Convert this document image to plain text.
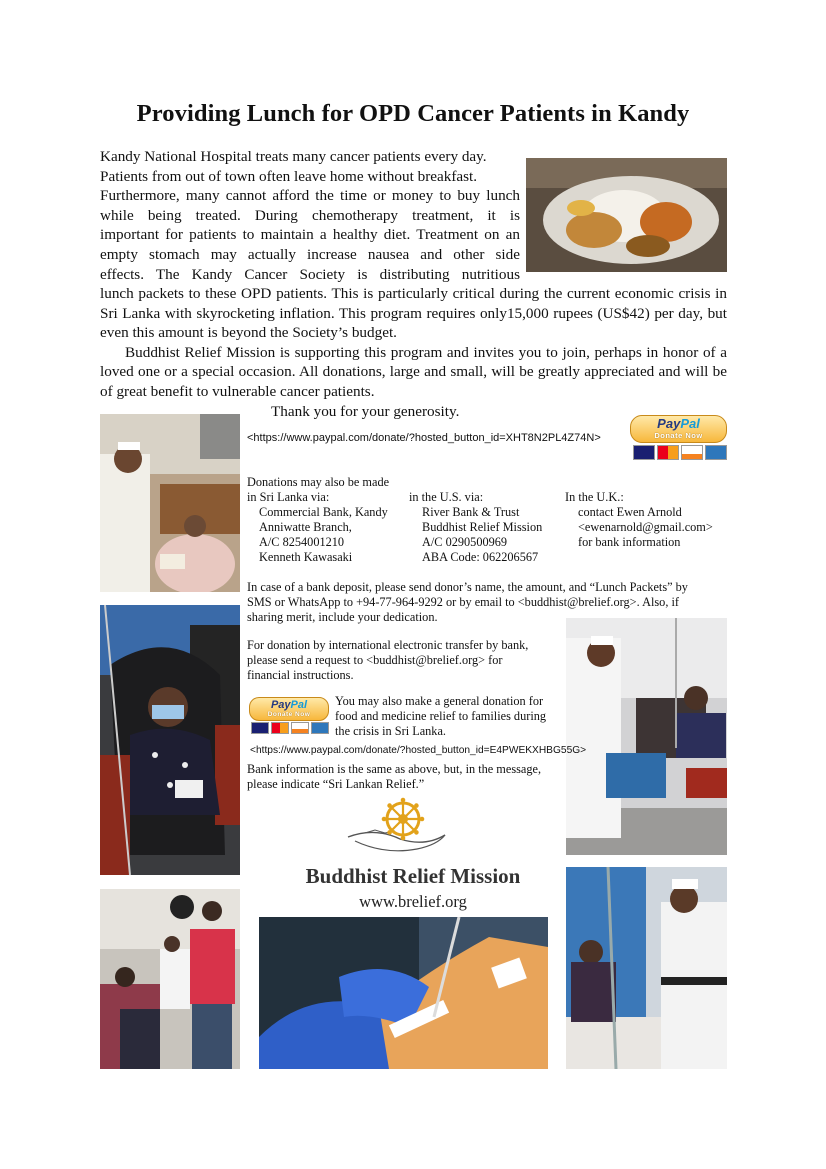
Providing Lunch for OPD Cancer Patients in Kandy

Kandy National Hospital treats many cancer patients every day.

Patients from out of town often leave home without breakfast.

Furthermore, many cannot afford the time or money to buy lunch

while being treated. During chemotherapy treatment, it is

important for patients to maintain a healthy diet. Treatment on an

empty stomach may actually increase nausea and other side

effects. The Kandy Cancer Society is distributing nutritious

lunch packets to these OPD patients. This is particularly critical during the current economic crisis in Sri Lanka with skyrocketing inflation. This program requires only15,000 rupees (US$42) per day, but even this amount is beyond the Society’s budget.

Buddhist Relief Mission is supporting this program and invites you to join, perhaps in honor of a loved one or a special occasion. All donations, large and small, will be greatly appreciated and will be of great benefit to vulnerable cancer patients.

Thank you for your generosity.
<https://www.paypal.com/donate/?hosted_button_id=XHT8N2PL4Z74N>
PayPal
Donate Now
Donations may also be made
in Sri Lanka via:
Commercial Bank, Kandy
Anniwatte Branch,
A/C 8254001210
Kenneth Kawasaki
in the U.S. via:
River Bank & Trust
Buddhist Relief Mission
A/C 0290500969
ABA Code: 062206567
In the U.K.:
contact Ewen Arnold
<ewenarnold@gmail.com>
for bank information
In case of a bank deposit, please send donor’s name, the amount, and “Lunch Packets” by SMS or WhatsApp to +94-77-964-9292 or by email to <buddhist@brelief.org>. Also, if sharing merit, include your dedication.
For donation by international electronic transfer by bank, please send a request to <buddhist@brelief.org> for financial instructions.
PayPal
Donate Now
You may also make a general donation for food and medicine relief to families during the crisis in Sri Lanka.
<https://www.paypal.com/donate/?hosted_button_id=E4PWEKXHBG55G>
Bank information is the same as above, but, in the message, please indicate “Sri Lankan Relief.”
Buddhist Relief Mission
www.brelief.org
